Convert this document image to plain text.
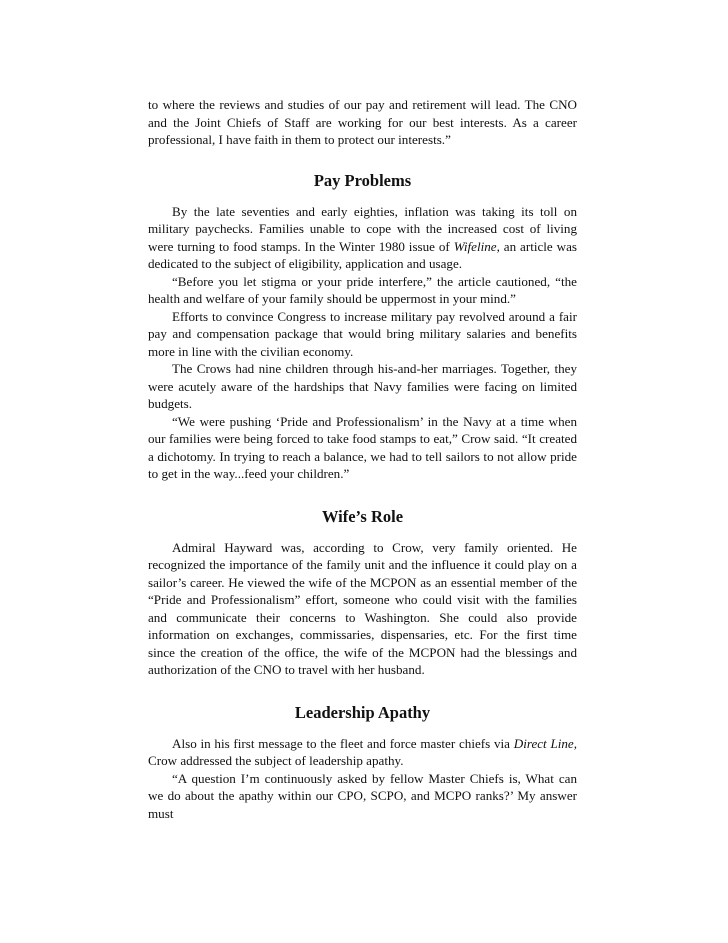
to where the reviews and studies of our pay and retirement will lead. The CNO and the Joint Chiefs of Staff are working for our best interests. As a career professional, I have faith in them to protect our interests.”

Pay Problems

By the late seventies and early eighties, inflation was taking its toll on military paychecks. Families unable to cope with the increased cost of living were turning to food stamps. In the Winter 1980 issue of Wifeline, an article was dedicated to the subject of eligibility, application and usage.

“Before you let stigma or your pride interfere,” the article cautioned, “the health and welfare of your family should be uppermost in your mind.”

Efforts to convince Congress to increase military pay revolved around a fair pay and compensation package that would bring military salaries and benefits more in line with the civilian economy.

The Crows had nine children through his-and-her marriages. Together, they were acutely aware of the hardships that Navy families were facing on limited budgets.

“We were pushing ‘Pride and Professionalism’ in the Navy at a time when our families were being forced to take food stamps to eat,” Crow said. “It created a dichotomy. In trying to reach a balance, we had to tell sailors to not allow pride to get in the way...feed your children.”

Wife’s Role

Admiral Hayward was, according to Crow, very family oriented. He recognized the importance of the family unit and the influence it could play on a sailor’s career. He viewed the wife of the MCPON as an essential member of the “Pride and Professionalism” effort, someone who could visit with the families and communicate their concerns to Washington. She could also provide information on exchanges, commissaries, dispensaries, etc. For the first time since the creation of the office, the wife of the MCPON had the blessings and authorization of the CNO to travel with her husband.

Leadership Apathy

Also in his first message to the fleet and force master chiefs via Direct Line, Crow addressed the subject of leadership apathy.

“A question I’m continuously asked by fellow Master Chiefs is, What can we do about the apathy within our CPO, SCPO, and MCPO ranks?’ My answer must
